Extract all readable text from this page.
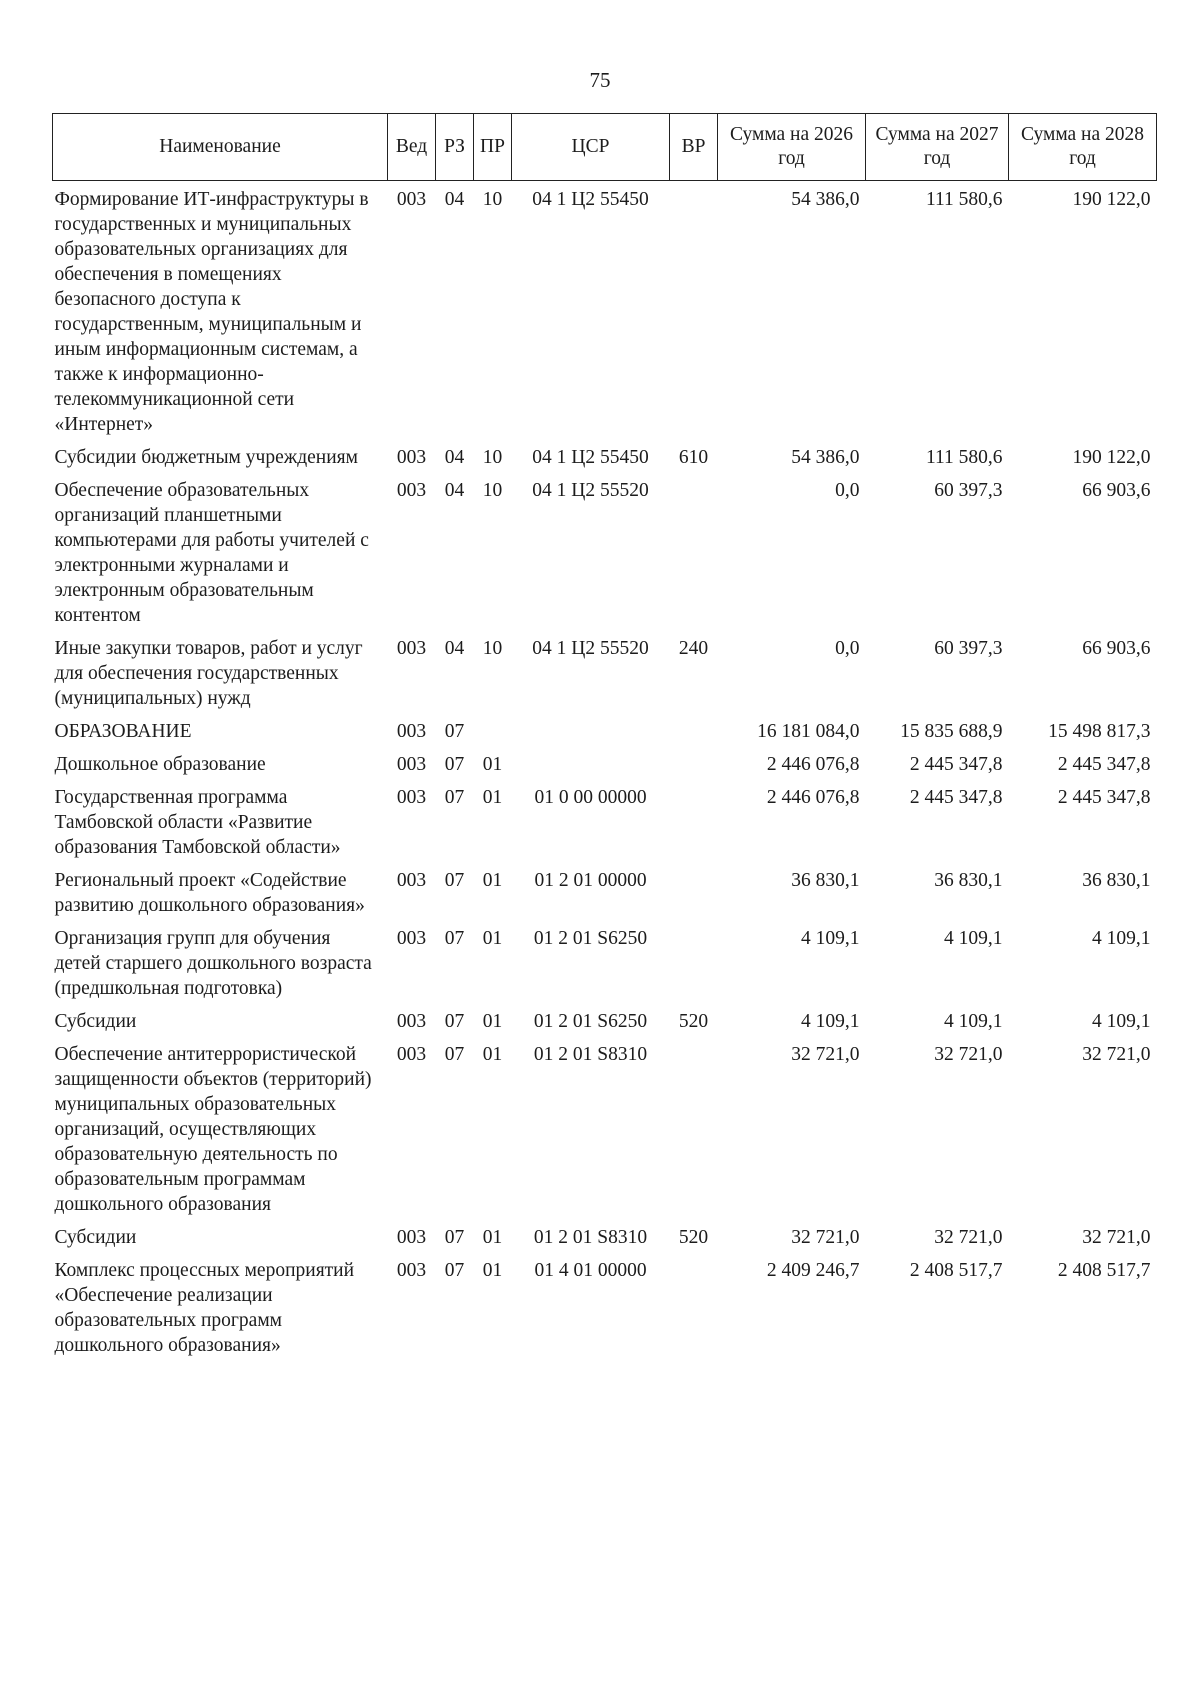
75
Наименование	Вед	РЗ	ПР	ЦСР	ВР	Сумма на 2026 год	Сумма на 2027 год	Сумма на 2028 год
Формирование ИТ-инфраструктуры в государственных и муниципальных образовательных организациях для обеспечения в помещениях безопасного доступа к государственным, муниципальным и иным информационным системам, а также к информационно-телекоммуникационной сети «Интернет»	003	04	10	04 1 Ц2 55450		54 386,0	111 580,6	190 122,0
Субсидии бюджетным учреждениям	003	04	10	04 1 Ц2 55450	610	54 386,0	111 580,6	190 122,0
Обеспечение образовательных организаций планшетными компьютерами для работы учителей с электронными журналами и электронным образовательным контентом	003	04	10	04 1 Ц2 55520		0,0	60 397,3	66 903,6
Иные закупки товаров, работ и услуг для обеспечения государственных (муниципальных) нужд	003	04	10	04 1 Ц2 55520	240	0,0	60 397,3	66 903,6
ОБРАЗОВАНИЕ	003	07				16 181 084,0	15 835 688,9	15 498 817,3
Дошкольное образование	003	07	01			2 446 076,8	2 445 347,8	2 445 347,8
Государственная программа Тамбовской области «Развитие образования Тамбовской области»	003	07	01	01 0 00 00000		2 446 076,8	2 445 347,8	2 445 347,8
Региональный проект «Содействие развитию дошкольного образования»	003	07	01	01 2 01 00000		36 830,1	36 830,1	36 830,1
Организация групп для обучения детей старшего дошкольного возраста (предшкольная подготовка)	003	07	01	01 2 01 S6250		4 109,1	4 109,1	4 109,1
Субсидии	003	07	01	01 2 01 S6250	520	4 109,1	4 109,1	4 109,1
Обеспечение антитеррористической защищенности объектов (территорий) муниципальных образовательных организаций, осуществляющих образовательную деятельность по образовательным программам дошкольного образования	003	07	01	01 2 01 S8310		32 721,0	32 721,0	32 721,0
Субсидии	003	07	01	01 2 01 S8310	520	32 721,0	32 721,0	32 721,0
Комплекс процессных мероприятий «Обеспечение реализации образовательных программ дошкольного образования»	003	07	01	01 4 01 00000		2 409 246,7	2 408 517,7	2 408 517,7
